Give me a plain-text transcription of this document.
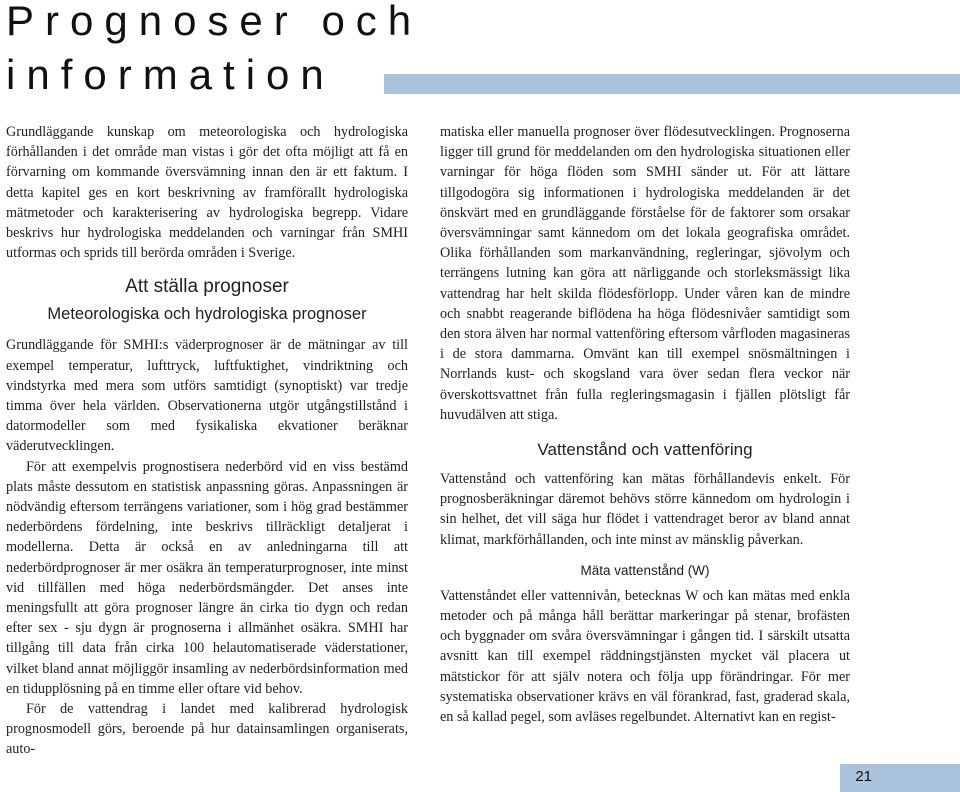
Prognoser och
information

Grundläggande kunskap om meteorologiska och hydrologiska förhållanden i det område man vistas i gör det ofta möjligt att få en förvarning om kommande översvämning innan den är ett faktum. I detta kapitel ges en kort beskrivning av framförallt hydrologiska mätmetoder och karakterisering av hydrologiska begrepp. Vidare beskrivs hur hydrologiska meddelanden och varningar från SMHI utformas och sprids till berörda områden i Sverige.

Att ställa prognoser
Meteorologiska och hydrologiska prognoser

Grundläggande för SMHI:s väderprognoser är de mätningar av till exempel temperatur, lufttryck, luftfuktighet, vindriktning och vindstyrka med mera som utförs samtidigt (synoptiskt) var tredje timma över hela världen. Observationerna utgör utgångstillstånd i datormodeller som med fysikaliska ekvationer beräknar väderutvecklingen.

För att exempelvis prognostisera nederbörd vid en viss bestämd plats måste dessutom en statistisk anpassning göras. Anpassningen är nödvändig eftersom terrängens variationer, som i hög grad bestämmer nederbördens fördelning, inte beskrivs tillräckligt detaljerat i modellerna. Detta är också en av anledningarna till att nederbördprognoser är mer osäkra än temperaturprognoser, inte minst vid tillfällen med höga nederbördsmängder. Det anses inte meningsfullt att göra prognoser längre än cirka tio dygn och redan efter sex - sju dygn är prognoserna i allmänhet osäkra. SMHI har tillgång till data från cirka 100 helautomatiserade väderstationer, vilket bland annat möjliggör insamling av nederbördsinformation med en tidupplösning på en timme eller oftare vid behov.

För de vattendrag i landet med kalibrerad hydrologisk prognosmodell görs, beroende på hur datainsamlingen organiserats, auto-

matiska eller manuella prognoser över flödesutvecklingen. Prognoserna ligger till grund för meddelanden om den hydrologiska situationen eller varningar för höga flöden som SMHI sänder ut. För att lättare tillgodogöra sig informationen i hydrologiska meddelanden är det önskvärt med en grundläggande förståelse för de faktorer som orsakar översvämningar samt kännedom om det lokala geografiska området. Olika förhållanden som markanvändning, regleringar, sjövolym och terrängens lutning kan göra att närliggande och storleksmässigt lika vattendrag har helt skilda flödesförlopp. Under våren kan de mindre och snabbt reagerande biflödena ha höga flödesnivåer samtidigt som den stora älven har normal vattenföring eftersom vårfloden magasineras i de stora dammarna. Omvänt kan till exempel snösmältningen i Norrlands kust- och skogsland vara över sedan flera veckor när överskottsvattnet från fulla regleringsmagasin i fjällen plötsligt får huvudälven att stiga.

Vattenstånd och vattenföring

Vattenstånd och vattenföring kan mätas förhållandevis enkelt. För prognosberäkningar däremot behövs större kännedom om hydrologin i sin helhet, det vill säga hur flödet i vattendraget beror av bland annat klimat, markförhållanden, och inte minst av mänsklig påverkan.

Mäta vattenstånd (W)

Vattenståndet eller vattennivån, betecknas W och kan mätas med enkla metoder och på många håll berättar markeringar på stenar, brofästen och byggnader om svåra översvämningar i gången tid. I särskilt utsatta avsnitt kan till exempel räddningstjänsten mycket väl placera ut mätstickor för att själv notera och följa upp förändringar. För mer systematiska observationer krävs en väl förankrad, fast, graderad skala, en så kallad pegel, som avläses regelbundet. Alternativt kan en regist-

21
